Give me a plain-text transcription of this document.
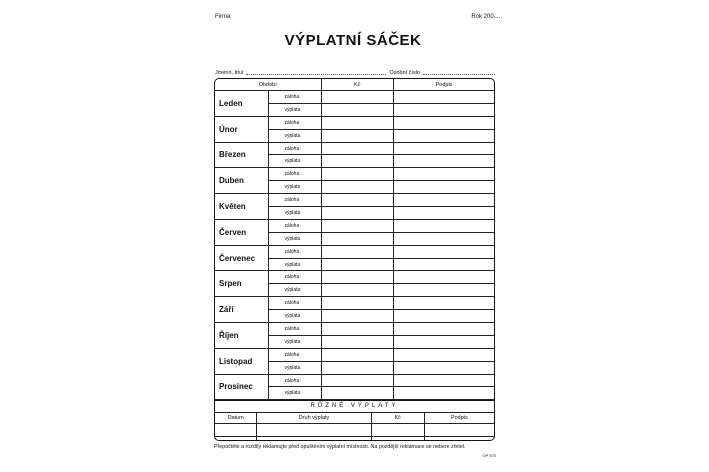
Firma	Rok 200.....
VÝPLATNÍ SÁČEK
Jméno, titul	Osobní číslo
Období		Kč	Podpis
Leden	záloha		
	výplata		
Únor	záloha		
	výplata		
Březen	záloha		
	výplata		
Duben	záloha		
	výplata		
Květen	záloha		
	výplata		
Červen	záloha		
	výplata		
Červenec	záloha		
	výplata		
Srpen	záloha		
	výplata		
Září	záloha		
	výplata		
Říjen	záloha		
	výplata		
Listopad	záloha		
	výplata		
Prosinec	záloha		
	výplata		
RŮZNÉ VÝPLATY
Datum	Druh výplaty	Kč	Podpis

Přepočtěte a rozdíly reklamujte před opuštěním výplatní místnosti. Na pozdější reklamace se nebere zřetel.
OP 670
